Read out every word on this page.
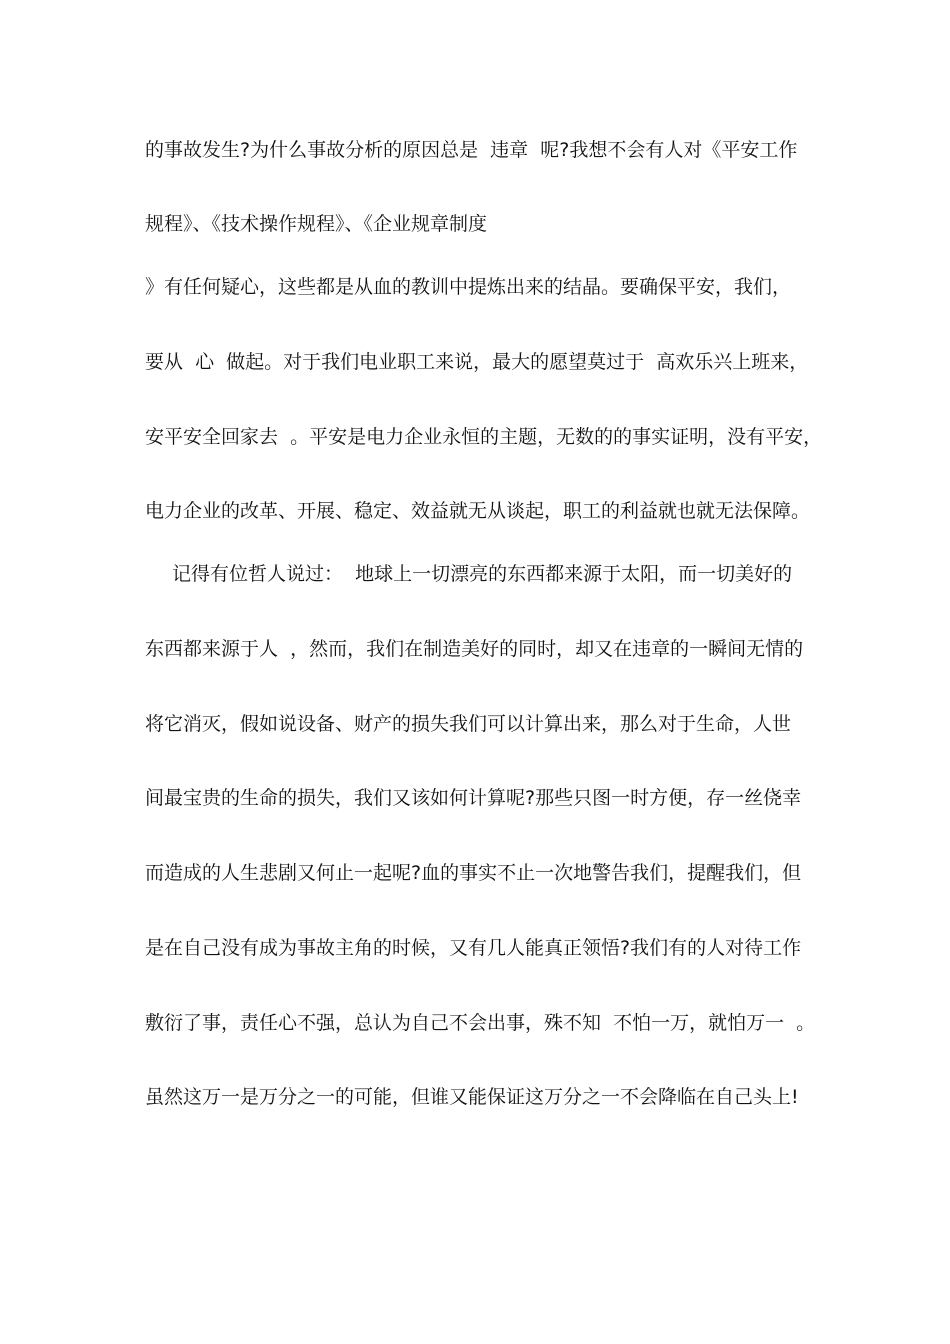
的事故发生?为什么事故分析的原因总是  违章  呢?我想不会有人对《平安工作
规程》、《技术操作规程》、《企业规章制度
》有任何疑心，这些都是从血的教训中提炼出来的结晶。要确保平安，我们，
要从  心  做起。对于我们电业职工来说，最大的愿望莫过于  高欢乐兴上班来，
安平安全回家去  。平安是电力企业永恒的主题，无数的的事实证明，没有平安，
电力企业的改革、开展、稳定、效益就无从谈起，职工的利益就也就无法保障。
记得有位哲人说过：  地球上一切漂亮的东西都来源于太阳，而一切美好的
东西都来源于人  ，然而，我们在制造美好的同时，却又在违章的一瞬间无情的
将它消灭，假如说设备、财产的损失我们可以计算出来，那么对于生命，人世
间最宝贵的生命的损失，我们又该如何计算呢?那些只图一时方便，存一丝侥幸
而造成的人生悲剧又何止一起呢?血的事实不止一次地警告我们，提醒我们，但
是在自己没有成为事故主角的时候，又有几人能真正领悟?我们有的人对待工作
敷衍了事，责任心不强，总认为自己不会出事，殊不知  不怕一万，就怕万一  。
虽然这万一是万分之一的可能，但谁又能保证这万分之一不会降临在自己头上!
